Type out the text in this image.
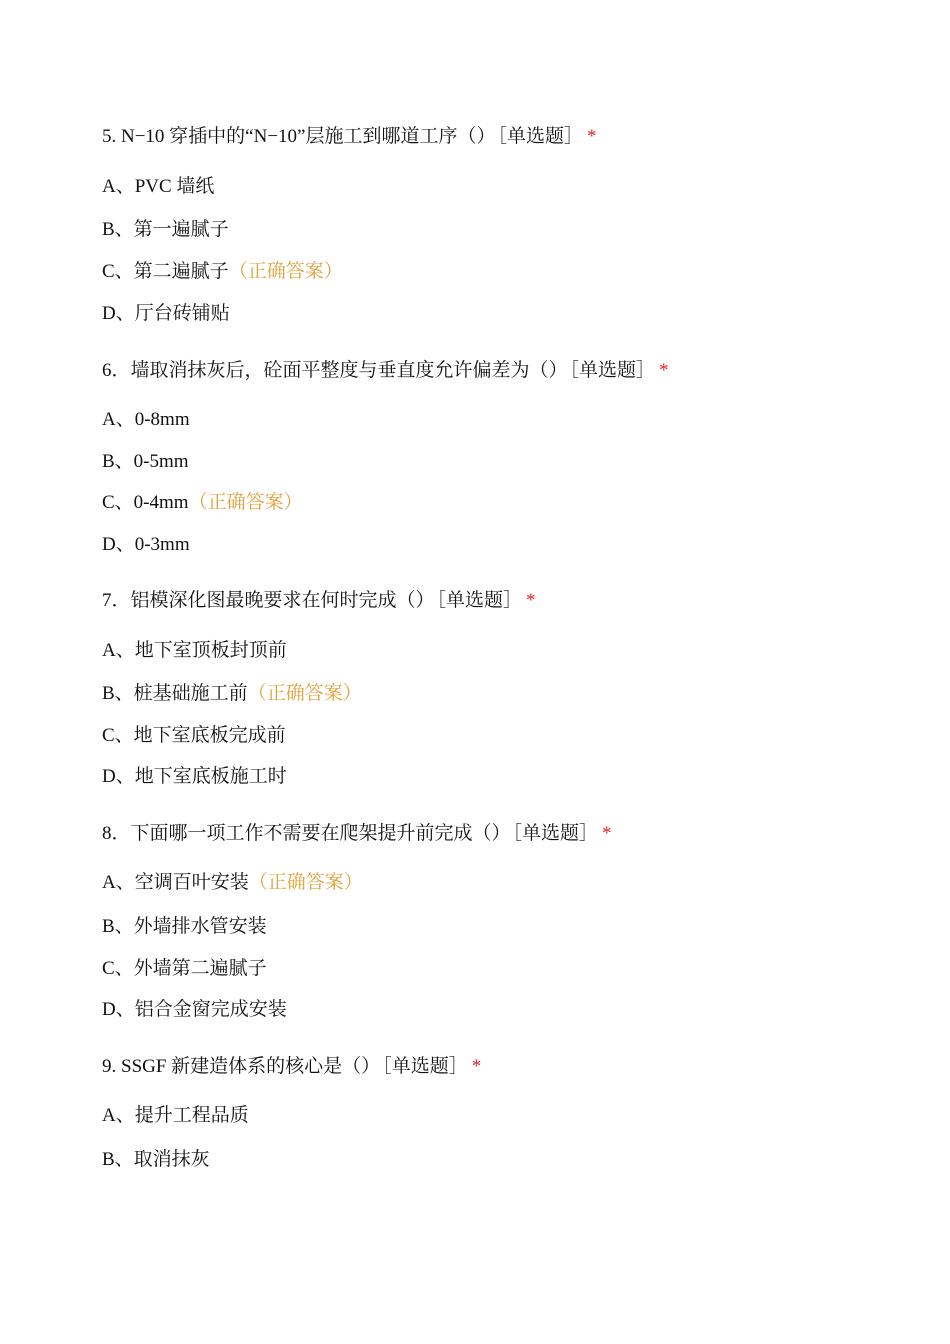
5. N−10 穿插中的“N−10”层施工到哪道工序（） ［单选题］ *
A、PVC 墙纸
B、第一遍腻子
C、第二遍腻子（正确答案）
D、厅台砖铺贴
6．墙取消抹灰后，砼面平整度与垂直度允许偏差为（） ［单选题］ *
A、0-8mm
B、0-5mm
C、0-4mm（正确答案）
D、0-3mm
7．铝模深化图最晚要求在何时完成（） ［单选题］ *
A、地下室顶板封顶前
B、桩基础施工前（正确答案）
C、地下室底板完成前
D、地下室底板施工时
8．下面哪一项工作不需要在爬架提升前完成（） ［单选题］ *
A、空调百叶安装（正确答案）
B、外墙排水管安装
C、外墙第二遍腻子
D、铝合金窗完成安装
9. SSGF 新建造体系的核心是（） ［单选题］ *
A、提升工程品质
B、取消抹灰
